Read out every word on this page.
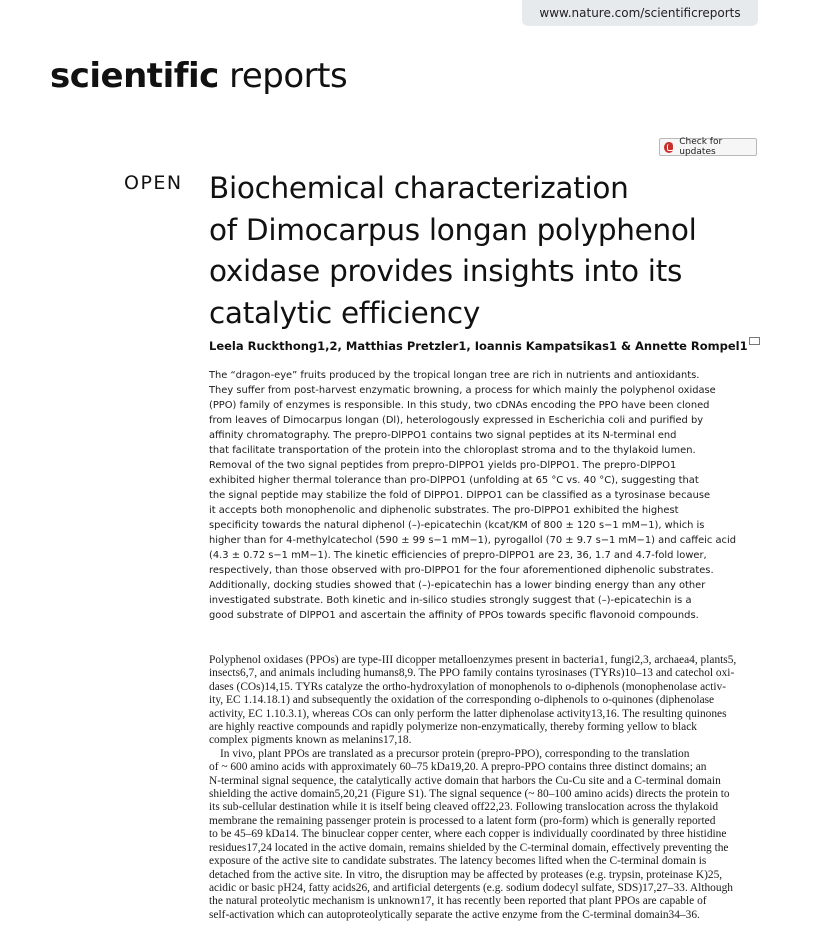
www.nature.com/scientificreports
scientific reports
Check for updates
OPEN Biochemical characterization
of Dimocarpus longan polyphenol
oxidase provides insights into its
catalytic efficiency
Leela Ruckthong1,2, Matthias Pretzler1, Ioannis Kampatsikas1 & Annette Rompel1

The “dragon-eye” fruits produced by the tropical longan tree are rich in nutrients and antioxidants.
They suffer from post-harvest enzymatic browning, a process for which mainly the polyphenol oxidase
(PPO) family of enzymes is responsible. In this study, two cDNAs encoding the PPO have been cloned
from leaves of Dimocarpus longan (Dl), heterologously expressed in Escherichia coli and purified by
affinity chromatography. The prepro-DlPPO1 contains two signal peptides at its N-terminal end
that facilitate transportation of the protein into the chloroplast stroma and to the thylakoid lumen.
Removal of the two signal peptides from prepro-DlPPO1 yields pro-DlPPO1. The prepro-DlPPO1
exhibited higher thermal tolerance than pro-DlPPO1 (unfolding at 65 °C vs. 40 °C), suggesting that
the signal peptide may stabilize the fold of DlPPO1. DlPPO1 can be classified as a tyrosinase because
it accepts both monophenolic and diphenolic substrates. The pro-DlPPO1 exhibited the highest
specificity towards the natural diphenol (–)-epicatechin (kcat/KM of 800 ± 120 s−1 mM−1), which is
higher than for 4-methylcatechol (590 ± 99 s−1 mM−1), pyrogallol (70 ± 9.7 s−1 mM−1) and caffeic acid
(4.3 ± 0.72 s−1 mM−1). The kinetic efficiencies of prepro-DlPPO1 are 23, 36, 1.7 and 4.7-fold lower,
respectively, than those observed with pro-DlPPO1 for the four aforementioned diphenolic substrates.
Additionally, docking studies showed that (–)-epicatechin has a lower binding energy than any other
investigated substrate. Both kinetic and in-silico studies strongly suggest that (–)-epicatechin is a
good substrate of DlPPO1 and ascertain the affinity of PPOs towards specific flavonoid compounds.

Polyphenol oxidases (PPOs) are type-III dicopper metalloenzymes present in bacteria1, fungi2,3, archaea4, plants5,
insects6,7, and animals including humans8,9. The PPO family contains tyrosinases (TYRs)10–13 and catechol oxi-
dases (COs)14,15. TYRs catalyze the ortho-hydroxylation of monophenols to o-diphenols (monophenolase activ-
ity, EC 1.14.18.1) and subsequently the oxidation of the corresponding o-diphenols to o-quinones (diphenolase
activity, EC 1.10.3.1), whereas COs can only perform the latter diphenolase activity13,16. The resulting quinones
are highly reactive compounds and rapidly polymerize non-enzymatically, thereby forming yellow to black
complex pigments known as melanins17,18.
In vivo, plant PPOs are translated as a precursor protein (prepro-PPO), corresponding to the translation
of ~ 600 amino acids with approximately 60–75 kDa19,20. A prepro-PPO contains three distinct domains; an
N-terminal signal sequence, the catalytically active domain that harbors the Cu-Cu site and a C-terminal domain
shielding the active domain5,20,21 (Figure S1). The signal sequence (~ 80–100 amino acids) directs the protein to
its sub-cellular destination while it is itself being cleaved off22,23. Following translocation across the thylakoid
membrane the remaining passenger protein is processed to a latent form (pro-form) which is generally reported
to be 45–69 kDa14. The binuclear copper center, where each copper is individually coordinated by three histidine
residues17,24 located in the active domain, remains shielded by the C-terminal domain, effectively preventing the
exposure of the active site to candidate substrates. The latency becomes lifted when the C-terminal domain is
detached from the active site. In vitro, the disruption may be affected by proteases (e.g. trypsin, proteinase K)25,
acidic or basic pH24, fatty acids26, and artificial detergents (e.g. sodium dodecyl sulfate, SDS)17,27–33. Although
the natural proteolytic mechanism is unknown17, it has recently been reported that plant PPOs are capable of
self-activation which can autoproteolytically separate the active enzyme from the C-terminal domain34–36.
